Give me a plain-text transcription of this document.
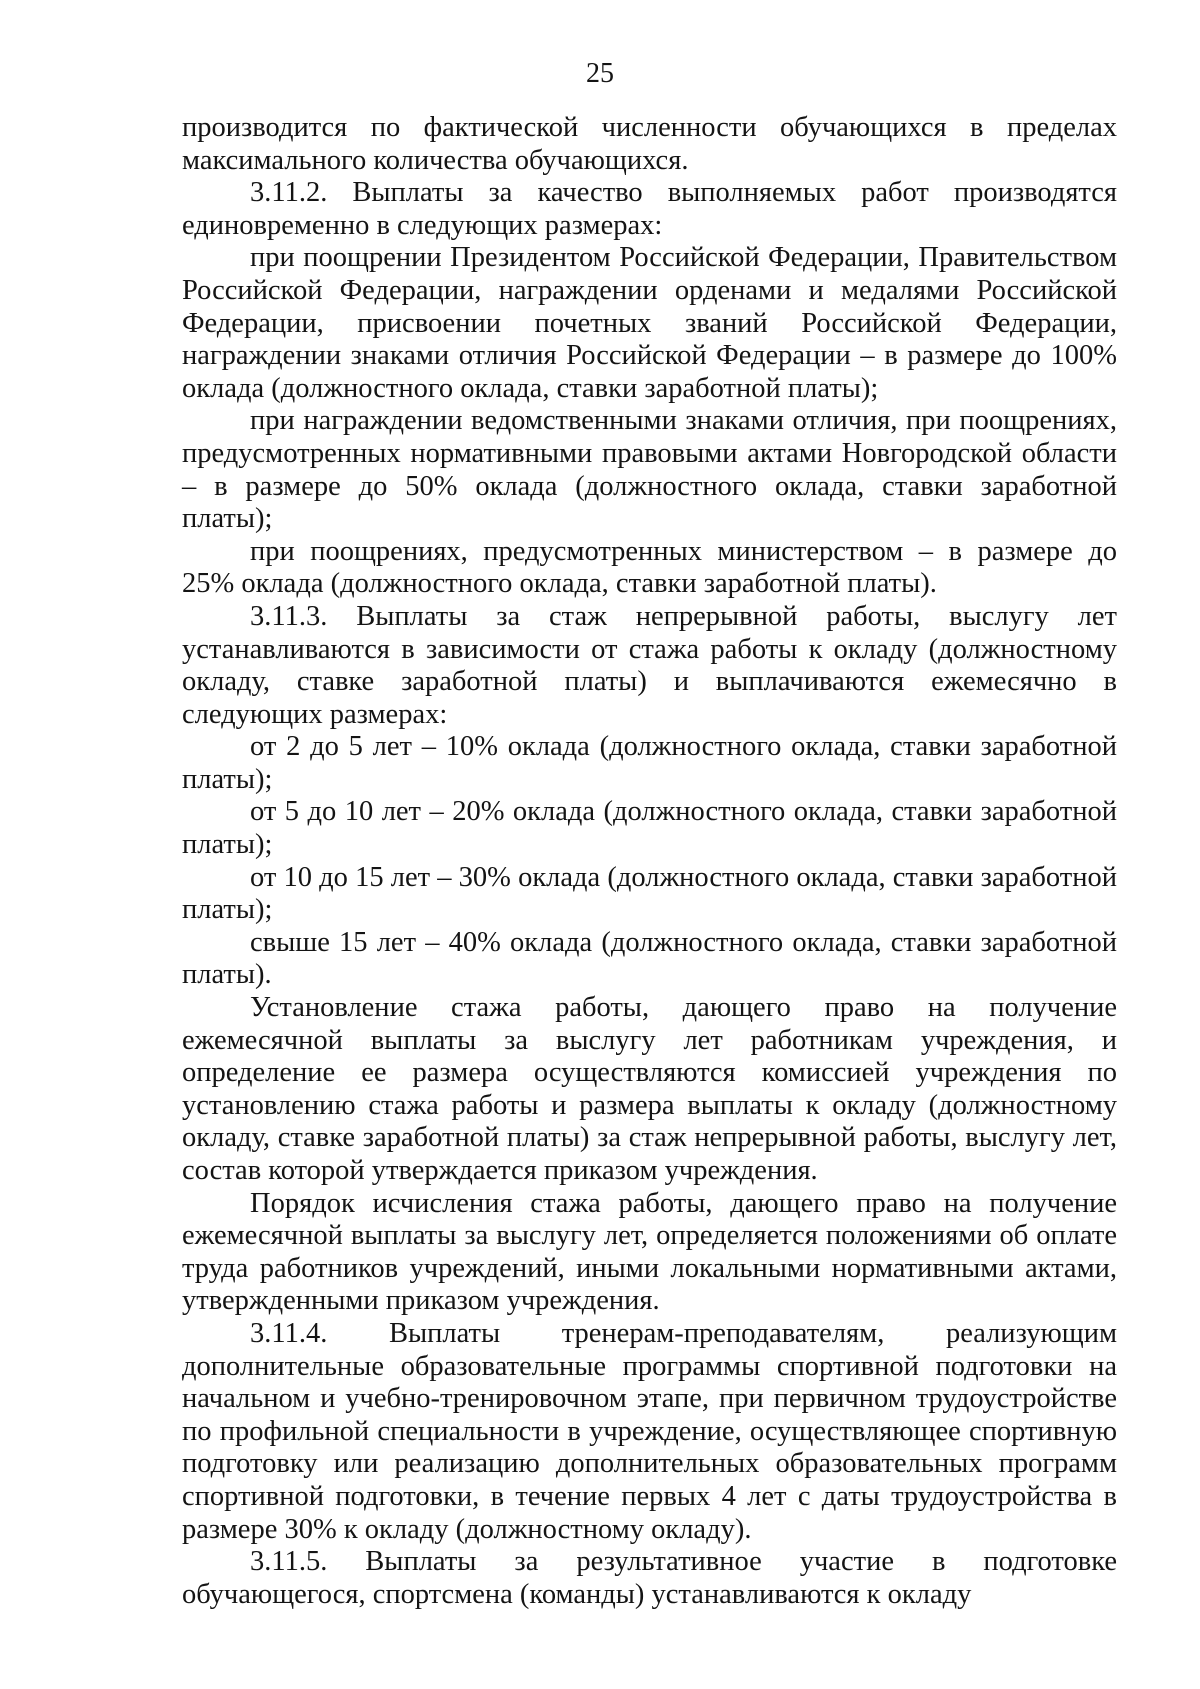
25

производится по фактической численности обучающихся в пределах максимального количества обучающихся.

3.11.2. Выплаты за качество выполняемых работ производятся единовременно в следующих размерах:

при поощрении Президентом Российской Федерации, Правительством Российской Федерации, награждении орденами и медалями Российской Федерации, присвоении почетных званий Российской Федерации, награждении знаками отличия Российской Федерации – в размере до 100% оклада (должностного оклада, ставки заработной платы);

при награждении ведомственными знаками отличия, при поощрениях, предусмотренных нормативными правовыми актами Новгородской области – в размере до 50% оклада (должностного оклада, ставки заработной платы);

при поощрениях, предусмотренных министерством – в размере до 25% оклада (должностного оклада, ставки заработной платы).

3.11.3. Выплаты за стаж непрерывной работы, выслугу лет устанавливаются в зависимости от стажа работы к окладу (должностному окладу, ставке заработной платы) и выплачиваются ежемесячно в следующих размерах:

от 2 до 5 лет – 10% оклада (должностного оклада, ставки заработной платы);

от 5 до 10 лет – 20% оклада (должностного оклада, ставки заработной платы);

от 10 до 15 лет – 30% оклада (должностного оклада, ставки заработной платы);

свыше 15 лет – 40% оклада (должностного оклада, ставки заработной платы).

Установление стажа работы, дающего право на получение ежемесячной выплаты за выслугу лет работникам учреждения, и определение ее размера осуществляются комиссией учреждения по установлению стажа работы и размера выплаты к окладу (должностному окладу, ставке заработной платы) за стаж непрерывной работы, выслугу лет, состав которой утверждается приказом учреждения.

Порядок исчисления стажа работы, дающего право на получение ежемесячной выплаты за выслугу лет, определяется положениями об оплате труда работников учреждений, иными локальными нормативными актами, утвержденными приказом учреждения.

3.11.4. Выплаты тренерам-преподавателям, реализующим дополнительные образовательные программы спортивной подготовки на начальном и учебно-тренировочном этапе, при первичном трудоустройстве по профильной специальности в учреждение, осуществляющее спортивную подготовку или реализацию дополнительных образовательных программ спортивной подготовки, в течение первых 4 лет с даты трудоустройства в размере 30% к окладу (должностному окладу).

3.11.5. Выплаты за результативное участие в подготовке обучающегося, спортсмена (команды) устанавливаются к окладу
